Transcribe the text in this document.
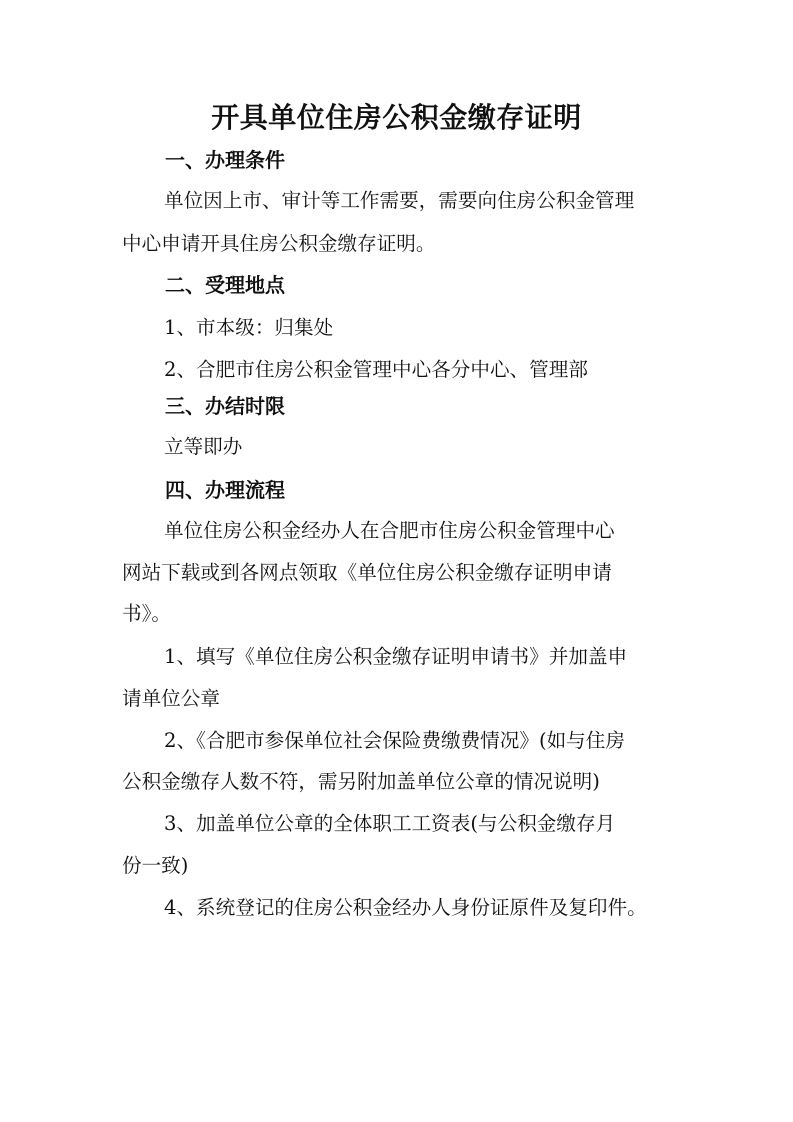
开具单位住房公积金缴存证明
一、办理条件
单位因上市、审计等工作需要，需要向住房公积金管理
中心申请开具住房公积金缴存证明。
二、受理地点
1、市本级：归集处
2、合肥市住房公积金管理中心各分中心、管理部
三、办结时限
立等即办
四、办理流程
单位住房公积金经办人在合肥市住房公积金管理中心
网站下载或到各网点领取《单位住房公积金缴存证明申请
书》。
1、填写《单位住房公积金缴存证明申请书》并加盖申
请单位公章
2、《合肥市参保单位社会保险费缴费情况》(如与住房
公积金缴存人数不符，需另附加盖单位公章的情况说明)
3、加盖单位公章的全体职工工资表(与公积金缴存月
份一致)
4、系统登记的住房公积金经办人身份证原件及复印件。
